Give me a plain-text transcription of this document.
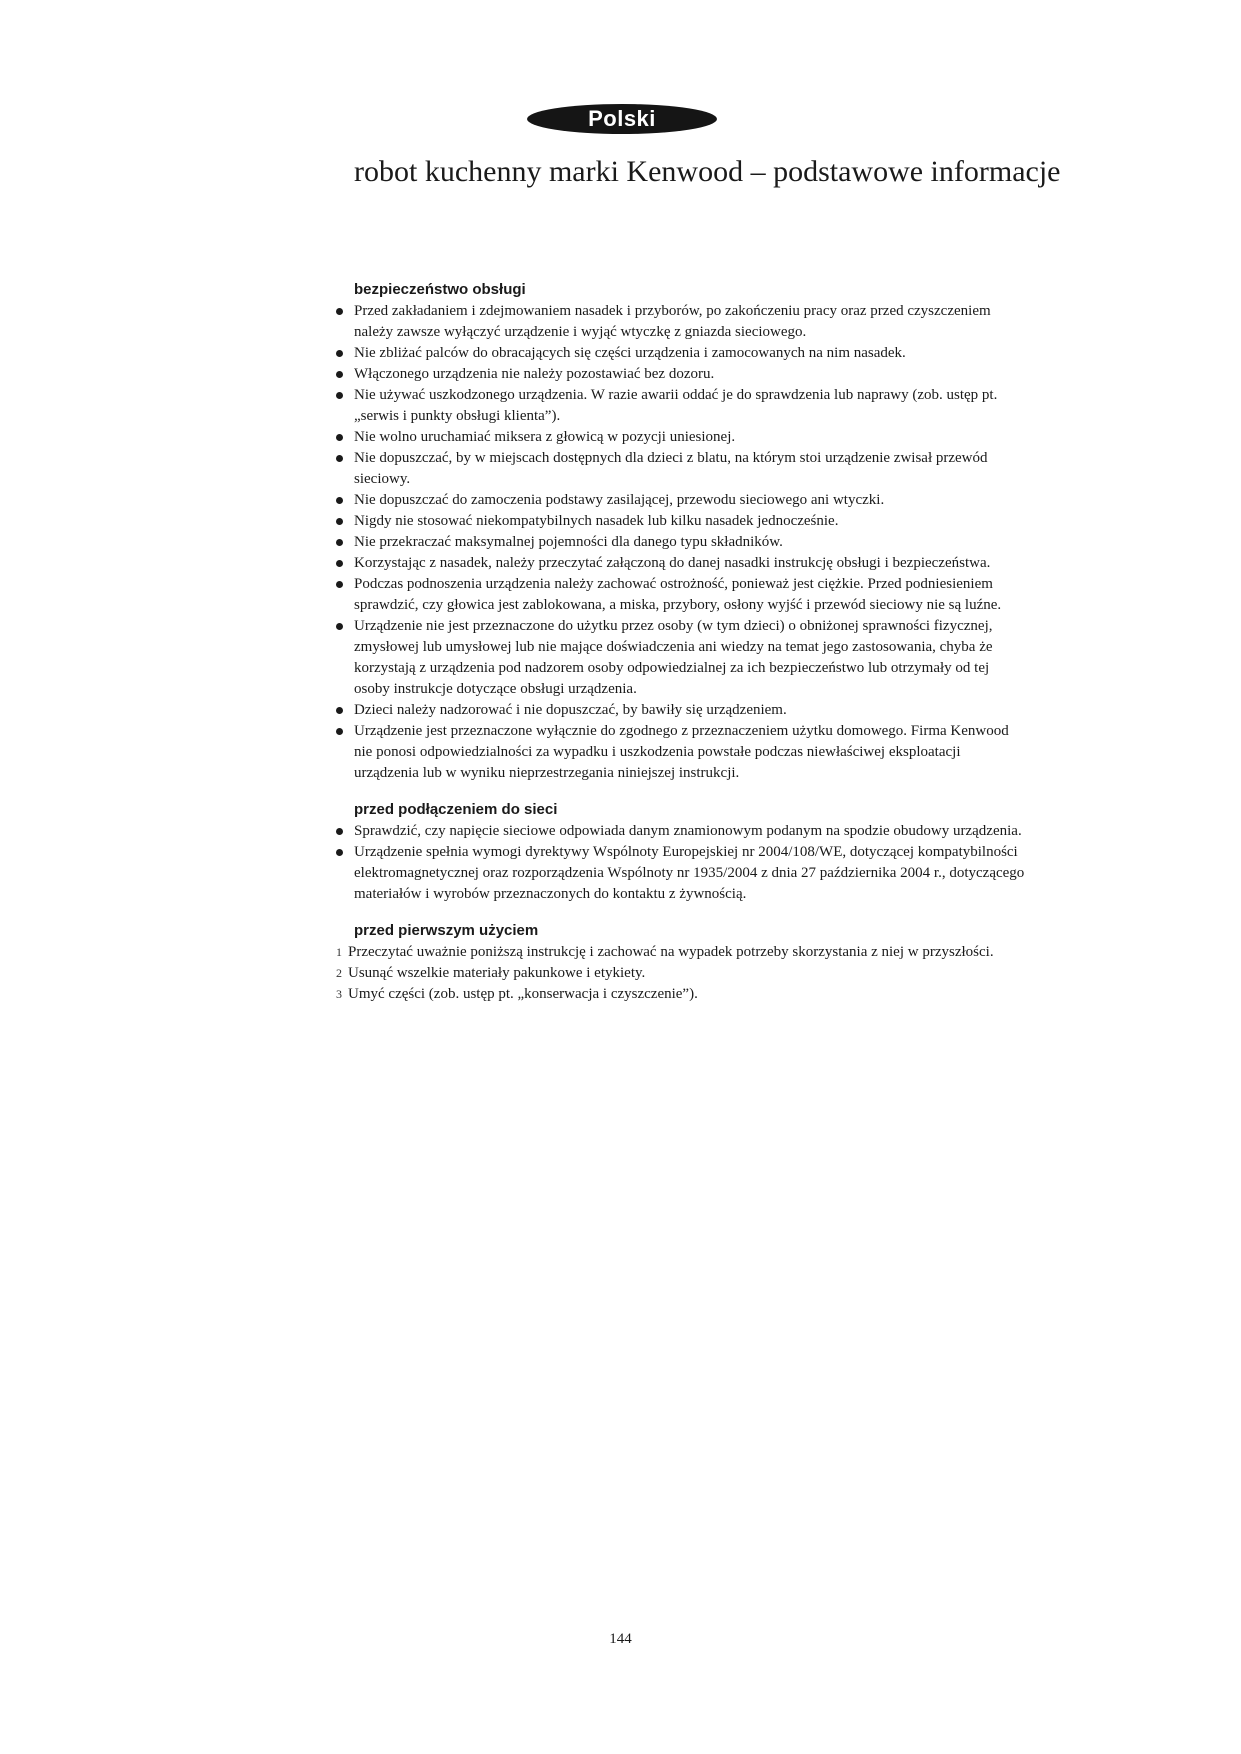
Polski
robot kuchenny marki Kenwood – podstawowe informacje
bezpieczeństwo obsługi
Przed zakładaniem i zdejmowaniem nasadek i przyborów, po zakończeniu pracy oraz przed czyszczeniem należy zawsze wyłączyć urządzenie i wyjąć wtyczkę z gniazda sieciowego.
Nie zbliżać palców do obracających się części urządzenia i zamocowanych na nim nasadek.
Włączonego urządzenia nie należy pozostawiać bez dozoru.
Nie używać uszkodzonego urządzenia. W razie awarii oddać je do sprawdzenia lub naprawy (zob. ustęp pt. „serwis i punkty obsługi klienta”).
Nie wolno uruchamiać miksera z głowicą w pozycji uniesionej.
Nie dopuszczać, by w miejscach dostępnych dla dzieci z blatu, na którym stoi urządzenie zwisał przewód sieciowy.
Nie dopuszczać do zamoczenia podstawy zasilającej, przewodu sieciowego ani wtyczki.
Nigdy nie stosować niekompatybilnych nasadek lub kilku nasadek jednocześnie.
Nie przekraczać maksymalnej pojemności dla danego typu składników.
Korzystając z nasadek, należy przeczytać załączoną do danej nasadki instrukcję obsługi i bezpieczeństwa.
Podczas podnoszenia urządzenia należy zachować ostrożność, ponieważ jest ciężkie. Przed podniesieniem sprawdzić, czy głowica jest zablokowana, a miska, przybory, osłony wyjść i przewód sieciowy nie są luźne.
Urządzenie nie jest przeznaczone do użytku przez osoby (w tym dzieci) o obniżonej sprawności fizycznej, zmysłowej lub umysłowej lub nie mające doświadczenia ani wiedzy na temat jego zastosowania, chyba że korzystają z urządzenia pod nadzorem osoby odpowiedzialnej za ich bezpieczeństwo lub otrzymały od tej osoby instrukcje dotyczące obsługi urządzenia.
Dzieci należy nadzorować i nie dopuszczać, by bawiły się urządzeniem.
Urządzenie jest przeznaczone wyłącznie do zgodnego z przeznaczeniem użytku domowego. Firma Kenwood nie ponosi odpowiedzialności za wypadku i uszkodzenia powstałe podczas niewłaściwej eksploatacji urządzenia lub w wyniku nieprzestrzegania niniejszej instrukcji.
przed podłączeniem do sieci
Sprawdzić, czy napięcie sieciowe odpowiada danym znamionowym podanym na spodzie obudowy urządzenia.
Urządzenie spełnia wymogi dyrektywy Wspólnoty Europejskiej nr 2004/108/WE, dotyczącej kompatybilności elektromagnetycznej oraz rozporządzenia Wspólnoty nr 1935/2004 z dnia 27 października 2004 r., dotyczącego materiałów i wyrobów przeznaczonych do kontaktu z żywnością.
przed pierwszym użyciem
1 Przeczytać uważnie poniższą instrukcję i zachować na wypadek potrzeby skorzystania z niej w przyszłości.
2 Usunąć wszelkie materiały pakunkowe i etykiety.
3 Umyć części (zob. ustęp pt. „konserwacja i czyszczenie”).
144
